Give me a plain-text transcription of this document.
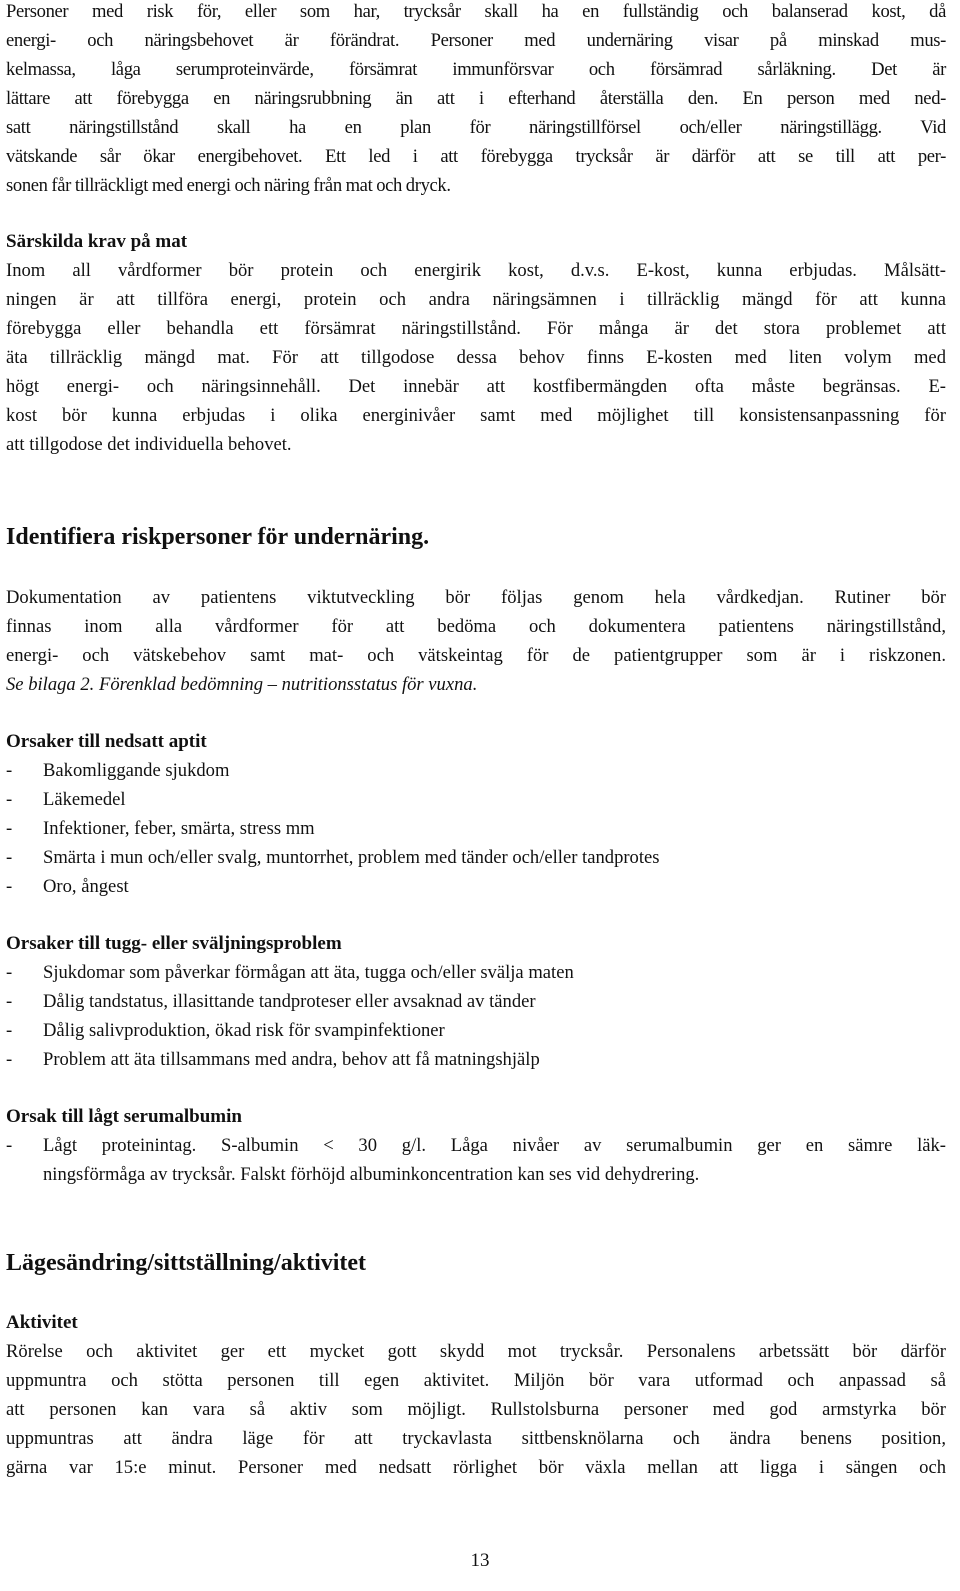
Personer med risk för, eller som har, trycksår skall ha en fullständig och balanserad kost, då
energi- och näringsbehovet är förändrat. Personer med undernäring visar på minskad mus-
kelmassa, låga serumproteinvärde, försämrat immunförsvar och försämrad sårläkning. Det är
lättare att förebygga en näringsrubbning än att i efterhand återställa den. En person med ned-
satt näringstillstånd skall ha en plan för näringstillförsel och/eller näringstillägg. Vid
vätskande sår ökar energibehovet. Ett led i att förebygga trycksår är därför att se till att per-
sonen får tillräckligt med energi och näring från mat och dryck.
Särskilda krav på mat
Inom all vårdformer bör protein och energirik kost, d.v.s. E-kost, kunna erbjudas. Målsätt-
ningen är att tillföra energi, protein och andra näringsämnen i tillräcklig mängd för att kunna
förebygga eller behandla ett försämrat näringstillstånd. För många är det stora problemet att
äta tillräcklig mängd mat. För att tillgodose dessa behov finns E-kosten med liten volym med
högt energi- och näringsinnehåll. Det innebär att kostfibermängden ofta måste begränsas. E-
kost bör kunna erbjudas i olika energinivåer samt med möjlighet till konsistensanpassning för
att tillgodose det individuella behovet.
Identifiera riskpersoner för undernäring.
Dokumentation av patientens viktutveckling bör följas genom hela vårdkedjan. Rutiner bör
finnas inom alla vårdformer för att bedöma och dokumentera patientens näringstillstånd,
energi- och vätskebehov samt mat- och vätskeintag för de patientgrupper som är i riskzonen.
Se bilaga 2. Förenklad bedömning – nutritionsstatus för vuxna.
Orsaker till nedsatt aptit
- Bakomliggande sjukdom
- Läkemedel
- Infektioner, feber, smärta, stress mm
- Smärta i mun och/eller svalg, muntorrhet, problem med tänder och/eller tandprotes
- Oro, ångest
Orsaker till tugg- eller sväljningsproblem
- Sjukdomar som påverkar förmågan att äta, tugga och/eller svälja maten
- Dålig tandstatus, illasittande tandproteser eller avsaknad av tänder
- Dålig salivproduktion, ökad risk för svampinfektioner
- Problem att äta tillsammans med andra, behov att få matningshjälp
Orsak till lågt serumalbumin
- Lågt proteinintag. S-albumin < 30 g/l. Låga nivåer av serumalbumin ger en sämre läk-
ningsförmåga av trycksår. Falskt förhöjd albuminkoncentration kan ses vid dehydrering.
Lägesändring/sittställning/aktivitet
Aktivitet
Rörelse och aktivitet ger ett mycket gott skydd mot trycksår. Personalens arbetssätt bör därför
uppmuntra och stötta personen till egen aktivitet. Miljön bör vara utformad och anpassad så
att personen kan vara så aktiv som möjligt. Rullstolsburna personer med god armstyrka bör
uppmuntras att ändra läge för att tryckavlasta sittbensknölarna och ändra benens position,
gärna var 15:e minut. Personer med nedsatt rörlighet bör växla mellan att ligga i sängen och
13
